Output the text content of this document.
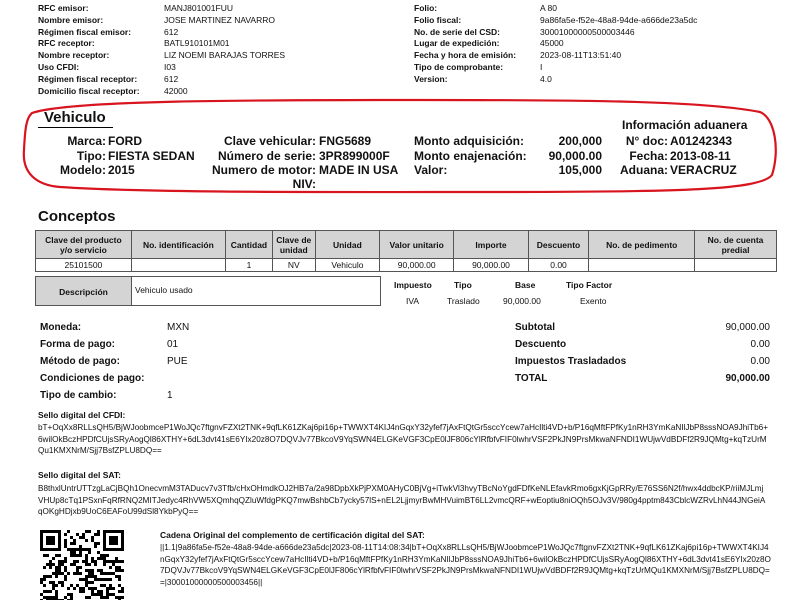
RFC emisor:	MANJ801001FUU
Nombre emisor:	JOSE MARTINEZ NAVARRO
Régimen fiscal emisor:	612
RFC receptor:	BATL910101M01
Nombre receptor:	LIZ NOEMI BARAJAS TORRES
Uso CFDI:	I03
Régimen fiscal receptor:	612
Domicilio fiscal receptor:	42000
Folio:	A 80
Folio fiscal:	9a86fa5e-f52e-48a8-94de-a666de23a5dc
No. de serie del CSD:	30001000000500003446
Lugar de expedición:	45000
Fecha y hora de emisión:	2023-08-11T13:51:40
Tipo de comprobante:	I
Version:	4.0
Vehiculo
Marca: FORD
Tipo: FIESTA SEDAN
Modelo: 2015
Clave vehicular: FNG5689
Número de serie: 3PR899000F
Numero de motor: MADE IN USA
NIV:
Monto adquisición:	200,000
Monto enajenación:	90,000.00
Valor:	105,000
Información aduanera
N° doc: A01242343
Fecha: 2013-08-11
Aduana: VERACRUZ
Conceptos
Clave del producto y/o servicio	No. identificación	Cantidad	Clave de unidad	Unidad	Valor unitario	Importe	Descuento	No. de pedimento	No. de cuenta predial
25101500		1	NV	Vehiculo	90,000.00	90,000.00	0.00		
Descripción	Vehiculo usado	Impuesto	Tipo	Base	Tipo Factor
IVA	Traslado	90,000.00	Exento
Moneda:	MXN
Forma de pago:	01
Método de pago:	PUE
Condiciones de pago:
Tipo de cambio:	1
Subtotal	90,000.00
Descuento	0.00
Impuestos Trasladados	0.00
TOTAL	90,000.00
Sello digital del CFDI:
bT+OqXx8RLLsQH5/BjWJoobmceP1WoJQc7ftgnvFZXt2TNK+9qfLK61ZKaj6pi16p+TWWXT4KIJ4nGqxY32yfef7jAxFtQtGr5sccYcew7aHcIlti4VD+b/P16qMftFPfKy1nRH3YmKaNIlJbP8sssNOA9JhiTb6+6wilOkBczHPDfCUjsSRyAogQl86XTHY+6dL3dvt41sE6YIx20z8O7DQVJv77BkcoV9YqSWN4ELGKeVGF3CpE0lJF806cYlRfbfvFIF0lwhrVSF2PkJN9PrsMkwaNFNDI1WUjwVdBDFf2R9JQMtg+kqTzUrMQu1KMXNrM/Sjj7BsfZPLU8DQ==
Sello digital del SAT:
B8thxlUntrUTTzgLaCjBQh1OnecvmM3TADucv7v3Tfb/cHxOHmdkOJ2HB7a/2a98DpbXkPjPXM0AHyC0BjVg+iTwkVl3hvyTBcNoYgdFDfKeNLEfavkRmo6gxKjGpRRy/E76SS6N2f/hwx4ddbcKP/riiMJLmjVHUp8cTq1PSxnFqRfRNQ2MITJedyc4RhVW5XQmhqQZluWfdgPKQ7mwBshbCb7ycky57lS+nEL2LjjmyrBwMHVuimBT6LL2vmcQRF+wEoptiu8niOQh5OJv3V/980g4pptm843CblcWZRvLhN44JNGeiAqOKgHDjxb9UoC6EAFoU99dSl8YkbPyQ==
Cadena Original del complemento de certificación digital del SAT:
||1.1|9a86fa5e-f52e-48a8-94de-a666de23a5dc|2023-08-11T14:08:34|bT+OqXx8RLLsQH5/BjWJoobmceP1WoJQc7ftgnvFZXt2TNK+9qfLK61ZKaj6pi16p+TWWXT4KIJ4nGqxY32yfef7jAxFtQtGr5sccYcew7aHcIlti4VD+b/P16qMftFPfKy1nRH3YmKaNIlJbP8sssNOA9JhiTb6+6wilOkBczHPDfCUjsSRyAogQl86XTHY+6dL3dvt41sE6YIx20z8O7DQVJv77BkcoV9YqSWN4ELGKeVGF3CpE0lJF806cYlRfbfvFIF0lwhrVSF2PkJN9PrsMkwaNFNDI1WUjwVdBDFf2R9JQMtg+kqTzUrMQu1KMXNrM/Sjj7BsfZPLU8DQ==|30001000000500003456||
